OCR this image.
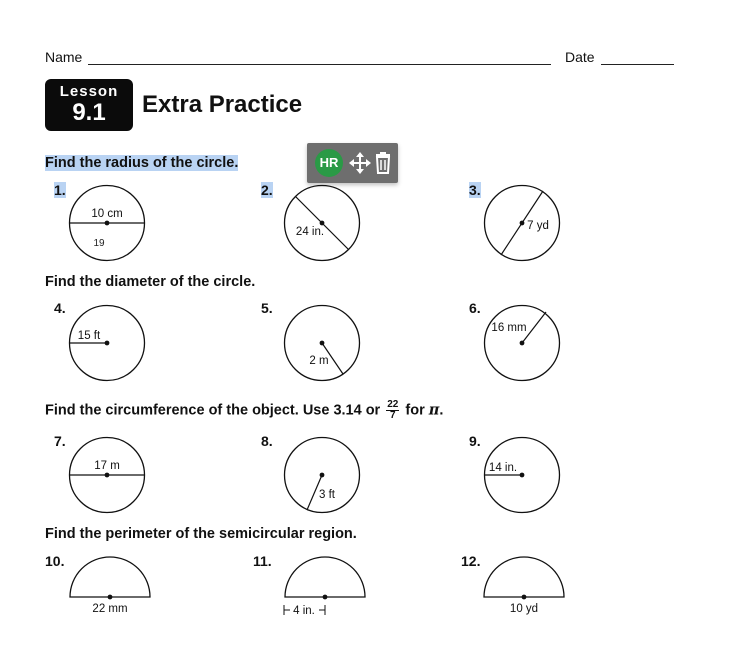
Name	Date
Lesson
9.1	Extra Practice
HR
Find the radius of the circle.
1.	2.	3.
10 cm
19
24 in.	7 yd
Find the diameter of the circle.
4.	5.	6.
15 ft
2 m
16 mm
Find the circumference of the object. Use 3.14 or $\frac{22}{7}$ for π.
7.	8.	9.
17 m
3 ft
14 in.
Find the perimeter of the semicircular region.
10.	11.	12.
22 mm	4 in.	10 yd
